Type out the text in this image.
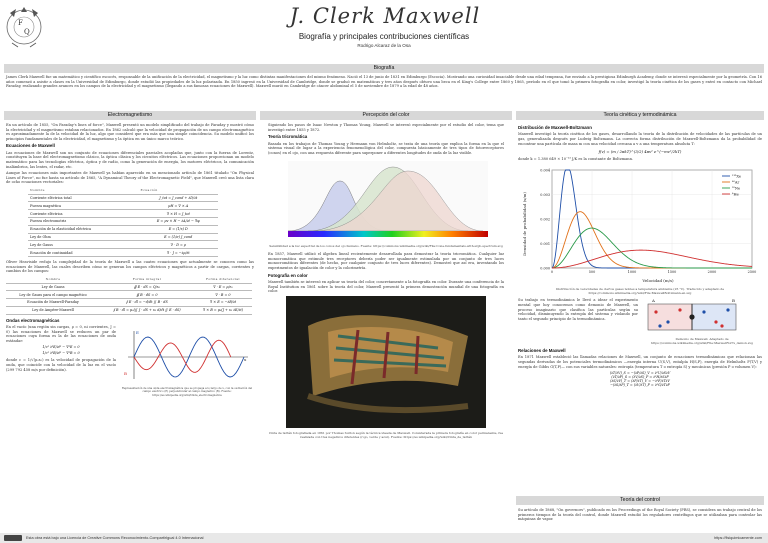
F
Q
J. Clerk Maxwell
Biografía y principales contribuciones científicas
Rodrigo Alcaraz de la Osa
Biografía
James Clerk Maxwell fue un matemático y científico escocés, responsable de la unificación de la electricidad, el magnetismo y la luz como distintas manifestaciones del mismo fenómeno. Nació el 13 de junio de 1831 en Edimburgo (Escocia). Mostrando una curiosidad insaciable desde una edad temprana, fue enviado a la prestigiosa Edinburgh Academy, donde se interesó especialmente por la geometría. Con 16 años comenzó a asistir a clases en la Universidad de Edimburgo, donde estudió las propiedades de la luz polarizada. En 1850 ingresó en la Universidad de Cambridge, donde se graduó en matemáticas y tres años después obtuvo una beca en el King's College entre 1860 y 1865, período en el que tomó la primera fotografía en color, investigó la teoría cinética de los gases y entró en contacto con Michael Faraday, realizando grandes avances en los campos de la electricidad y el magnetismo (llegando a sus famosas ecuaciones de Maxwell). Maxwell murió en Cambridge de cáncer abdominal el 5 de noviembre de 1879 a la edad de 48 años.
Electromagnetismo
En un artículo de 1855, "On Faraday's lines of force", Maxwell presentó un modelo simplificado del trabajo de Faraday y mostró cómo la electricidad y el magnetismo estaban relacionados. En 1862 calculó que la velocidad de propagación de un campo electromagnético es aproximadamente la de la velocidad de la luz, algo que consideró que era más que una simple coincidencia. Su modelo unificó los principios fundamentales de la electricidad, el magnetismo y la óptica en un único marco teórico.
Ecuaciones de Maxwell
Las ecuaciones de Maxwell son un conjunto de ecuaciones diferenciales parciales acopladas que, junto con la fuerza de Lorentz, constituyen la base del electromagnetismo clásico, la óptica clásica y los circuitos eléctricos. Las ecuaciones proporcionan un modelo matemático para las tecnologías eléctrica, óptica y de radio, como la generación de energía, los motores eléctricos, la comunicación inalámbrica, las lentes, el radar, etc.
Aunque las ecuaciones más importantes de Maxwell ya habían aparecido en su mencionado artículo de 1861 titulado "On Physical Lines of Force", no fue hasta su artículo de 1865, "A Dynamical Theory of the Electromagnetic Field", que Maxwell creó una lista clara de ocho ecuaciones vectoriales:
Nombre	Ecuación
Corriente eléctrica total	J_tot = J_cond + ∂D/∂t
Fuerza magnética	μH = ∇ × A
Corriente eléctrica	∇ × H = J_tot
Fuerza electromotriz	E = μv × H − ∂A/∂t − ∇φ
Ecuación de la elasticidad eléctrica	E = (1/ε) D
Ley de Ohm	E = (1/σ) J_cond
Ley de Gauss	∇ · D = ρ
Ecuación de continuidad	∇ · J = −∂ρ/∂t
Oliver Heaviside redujo la complejidad de la teoría de Maxwell a las cuatro ecuaciones que actualmente se conocen como las ecuaciones de Maxwell, las cuales describen cómo se generan los campos eléctricos y magnéticos a partir de cargas, corrientes y cambios de los campos:
Nombre	Forma integral	Forma diferencial
Ley de Gauss	∯ E · dS = Q/ε₀	∇ · E = ρ/ε₀
Ley de Gauss para el campo magnético	∯ B · dS = 0	∇ · B = 0
Ecuación de Maxwell-Faraday	∮ E · dl = −d/dt ∬ B · dS	∇ × E = −∂B/∂t
Ley de Ampère-Maxwell	∮ B · dl = μ₀(∬ J · dS + ε₀ d/dt ∬ E · dS)	∇ × B = μ₀(J + ε₀ ∂E/∂t)
Ondas electromagnéticas
En el vacío (una región sin cargas, ρ = 0, ni corrientes, J = 0) las ecuaciones de Maxwell se reducen un par de ecuaciones cuya forma es la de las ecuaciones de onda estándar:
1/c² ∂²E/∂t² − ∇²E = 0
1/c² ∂²B/∂t² − ∇²B = 0
donde c = 1/√(μ₀ε₀) es la velocidad de propagación de la onda, que coincide con la velocidad de la luz en el vacío (299 792 458 m/s por definición).
E
B
x
Representación de una onda electromagnética que se propaga a lo largo de x, con la oscilación del campo eléctrico (E) perpendicular al campo magnético (B). Fuente: https://es.wikipedia.org/wiki/Onda_electromagnética
Percepción del color
Siguiendo los pasos de Isaac Newton y Thomas Young, Maxwell se interesó especialmente por el estudio del color, tema que investigó entre 1855 y 1872.
Teoría tricromática
Basada en los trabajos de Thomas Young y Hermann von Helmholtz, se trata de una teoría que explica la forma en la que el sistema visual de lugar a la experiencia fenomenológica del color, compuesta básicamente de tres tipos de fotorreceptores (conos) en el ojo, con una respuesta diferente para superponer a diferentes longitudes de onda de la luz visible.
Sensibilidad a la luz espectral de los conos del ojo humano. Fuente: https://commons.wikimedia.org/wiki/File:Cone-fundamentals-with-srgb-spectrum.svg
En 1857, Maxwell utilizó el álgebra lineal recientemente desarrollada para demostrar la teoría tricromática. Cualquier luz monocromática que estimule tres receptores debería poder ser igualmente estimulada por un conjunto de tres luces monocromáticas diferentes (de hecho, por cualquier conjunto de tres luces diferentes). Demostró que así era, inventando los experimentos de igualación de color y la colorimetría.
Fotografía en color
Maxwell también se interesó en aplicar su teoría del color, concretamente a la fotografía en color. Durante una conferencia de la Royal Institution en 1861 sobre la teoría del color, Maxwell presentó la primera demostración mundial de una fotografía en color.
Cinta de tartán fotografiada en 1861 por Thomas Sutton según la técnica ideada de Maxwell. Considerada la primera fotografía en color permanente, fue realizada con tres negativos diferentes (rojo, verde y azul). Fuente: https://es.wikipedia.org/wiki/Cinta_de_tartán
Teoría cinética y termodinámica
Distribución de Maxwell-Boltzmann
Maxwell investigó la teoría cinética de los gases, desarrollando la teoría de la distribución de velocidades de las partículas de un gas, generalizada después por Ludwig Boltzmann. La correcta forma distribución de Maxwell-Boltzmann da la probabilidad de encontrar una partícula de masa m con una velocidad cercana a v a una temperatura absoluta T:
f(v) = (m / 2πkT)^(3/2) 4πv² e^(−mv²/2kT)
donde k = 1.380 649 × 10⁻²³ J/K es la constante de Boltzmann.
Densidad de probabilidad (s/m)
Velocidad (m/s)
0.000
0.001
0.002
0.003
0.004
0	500	1000	1500	2000	2500
¹³²Xe
⁴⁰Ar
²⁰Ne
⁴He
Distribución de velocidades de ciertos gases nobles a temperatura ambiente (25 °C). Traducido y adaptado de https://commons.wikimedia.org/wiki/File:MaxwellBoltzmann-en.svg
Su trabajo en termodinámica le llevó a idear el experimento mental que hoy conocemos como demonio de Maxwell, un proceso imaginario que clasifica las partículas según su velocidad, disminuyendo la entropía del sistema y violando por tanto el segundo principio de la termodinámica.
A	B
Demonio de Maxwell. Adaptado de https://commons.wikimedia.org/wiki/File:Maxwell%27s_demon.svg
Relaciones de Maxwell
En 1871 Maxwell estableció las llamadas relaciones de Maxwell, un conjunto de ecuaciones termodinámicas que relacionan las segundas derivadas de los potenciales termodinámicos —energía interna U(S,V), entalpía H(S,P), energía de Helmholtz F(T,V) y energía de Gibbs G(T,P)— con sus variables naturales: entropía (temperatura T o entropía S) y mecánicas (presión P o volumen V):
(∂T/∂V)_S = −(∂P/∂S)_V = ∂²U/∂S∂V
(∂T/∂P)_S = (∂V/∂S)_P = ∂²H/∂S∂P
(∂S/∂V)_T = (∂P/∂T)_V = −∂²F/∂T∂V
−(∂S/∂P)_T = (∂V/∂T)_P = ∂²G/∂T∂P
Teoría del control
Su artículo de 1868, "On governors", publicado en los Proceedings of the Royal Society (PRS), se considera un trabajo central de los primeros tiempos de la teoría del control, donde Maxwell estudió los reguladores centrífugos que se utilizaban para controlar las máquinas de vapor.
Esta obra está bajo una Licencia de Creative Commons Reconocimiento-CompartirIgual 4.0 Internacional	https://fisiquimicamente.com
